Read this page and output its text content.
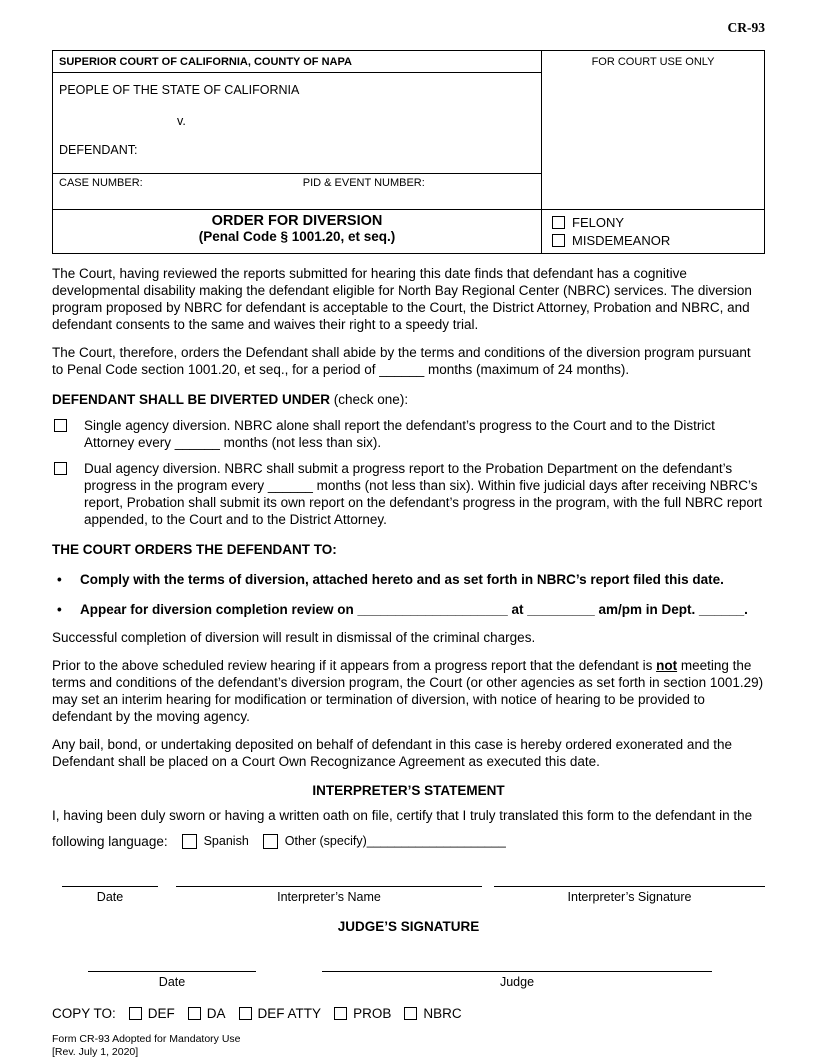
CR-93
SUPERIOR COURT OF CALIFORNIA, COUNTY OF NAPA
PEOPLE OF THE STATE OF CALIFORNIA
v.
DEFENDANT:
CASE NUMBER:	PID & EVENT NUMBER:
FOR COURT USE ONLY
ORDER FOR DIVERSION
(Penal Code § 1001.20, et seq.)
FELONY
MISDEMEANOR

The Court, having reviewed the reports submitted for hearing this date finds that defendant has a cognitive developmental disability making the defendant eligible for North Bay Regional Center (NBRC) services. The diversion program proposed by NBRC for defendant is acceptable to the Court, the District Attorney, Probation and NBRC, and defendant consents to the same and waives their right to a speedy trial.

The Court, therefore, orders the Defendant shall abide by the terms and conditions of the diversion program pursuant to Penal Code section 1001.20, et seq., for a period of ______ months (maximum of 24 months).

DEFENDANT SHALL BE DIVERTED UNDER (check one):
Single agency diversion. NBRC alone shall report the defendant’s progress to the Court and to the District Attorney every ______ months (not less than six).
Dual agency diversion. NBRC shall submit a progress report to the Probation Department on the defendant’s progress in the program every ______ months (not less than six). Within five judicial days after receiving NBRC’s report, Probation shall submit its own report on the defendant’s progress in the program, with the full NBRC report appended, to the Court and to the District Attorney.
THE COURT ORDERS THE DEFENDANT TO:
•
Comply with the terms of diversion, attached hereto and as set forth in NBRC’s report filed this date.
•
Appear for diversion completion review on ____________________ at _________ am/pm in Dept. ______.

Successful completion of diversion will result in dismissal of the criminal charges.

Prior to the above scheduled review hearing if it appears from a progress report that the defendant is not meeting the terms and conditions of the defendant’s diversion program, the Court (or other agencies as set forth in section 1001.29) may set an interim hearing for modification or termination of diversion, with notice of hearing to be provided to defendant by the moving agency.

Any bail, bond, or undertaking deposited on behalf of defendant in this case is hereby ordered exonerated and the Defendant shall be placed on a Court Own Recognizance Agreement as executed this date.

INTERPRETER’S STATEMENT

I, having been duly sworn or having a written oath on file, certify that I truly translated this form to the defendant in the

following language:	Spanish	Other (specify)____________________
Date	Interpreter’s Name	Interpreter’s Signature
JUDGE’S SIGNATURE
Date	Judge
COPY TO: DEF DA DEF ATTY PROB NBRC
Form CR-93 Adopted for Mandatory Use
[Rev. July 1, 2020]
